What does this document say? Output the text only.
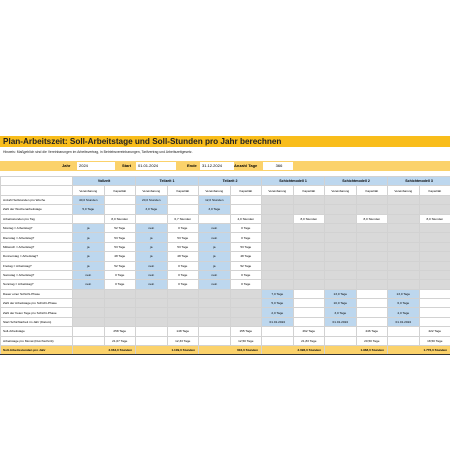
Plan-Arbeitszeit: Soll-Arbeitstage und Soll-Stunden pro Jahr berechnen
Hinweis: Maßgeblich sind die Vereinbarungen im Arbeitsvertrag, in Betriebsvereinbarungen, Tarifvertrag und Arbeitszeitgesetz.
Jahr	2024	Start	01.01.2024	Ende	31.12.2024	Anzahl Tage	366
	Vollzeit		Teilzeit 1		Teilzeit 2		Schichtmodell 1		Schichtmodell 2		Schichtmodell 3	
	Vereinbarung	Kapazität	Vereinbarung	Kapazität	Vereinbarung	Kapazität	Vereinbarung	Kapazität	Vereinbarung	Kapazität	Vereinbarung	Kapazität
Anzahl Sollstunden pro Woche	40,0 Stunden		20,0 Stunden		12,0 Stunden							
Zahl der Wochenarbeitstage	5,0 Tage		3,0 Tage		3,0 Tage							
Arbeitsstunden pro Tag		8,0 Stunden		6,7 Stunden		4,0 Stunden		8,0 Stunden		8,0 Stunden		8,0 Stunden
Montag = Arbeitstag?	ja	52 Tage	nein	0 Tage	nein	0 Tage						
Dienstag = Arbeitstag?	ja	53 Tage	ja	53 Tage	nein	0 Tage						
Mittwoch = Arbeitstag?	ja	53 Tage	ja	53 Tage	ja	53 Tage						
Donnerstag = Arbeitstag?	ja	48 Tage	ja	48 Tage	ja	48 Tage						
Freitag = Arbeitstag?	ja	52 Tage	nein	0 Tage	ja	52 Tage						
Samstag = Arbeitstag?	nein	0 Tage	nein	0 Tage	nein	0 Tage						
Sonntag = Arbeitstag?	nein	0 Tage	nein	0 Tage	nein	0 Tage						
Dauer einer Schicht-Phase							7,0 Tage		13,0 Tage		13,0 Tage	
Zahl der Arbeitstage pro Schicht-Phase							5,0 Tage		10,0 Tage		6,0 Tage	
Zahl der freien Tage pro Schicht-Phase							2,0 Tage		3,0 Tage		4,0 Tage	
Start Schichtarbeit im Jahr (Datum)							01.01.2024		01.01.2024		01.01.2024	
Soll-Arbeitstage		258 Tage		148 Tage		155 Tage		262 Tage		246 Tage		222 Tage
Arbeitstage pro Monat (Durchschnitt)		21,67 Tage		12,33 Tage		12,50 Tage		21,83 Tage		20,50 Tage		18,50 Tage
Soll-Arbeitsstunden pro Jahr	2.064,0 Stunden		1.109,0 Stunden		604,0 Stunden		2.096,0 Stunden		1.968,0 Stunden		1.776,0 Stunden	
